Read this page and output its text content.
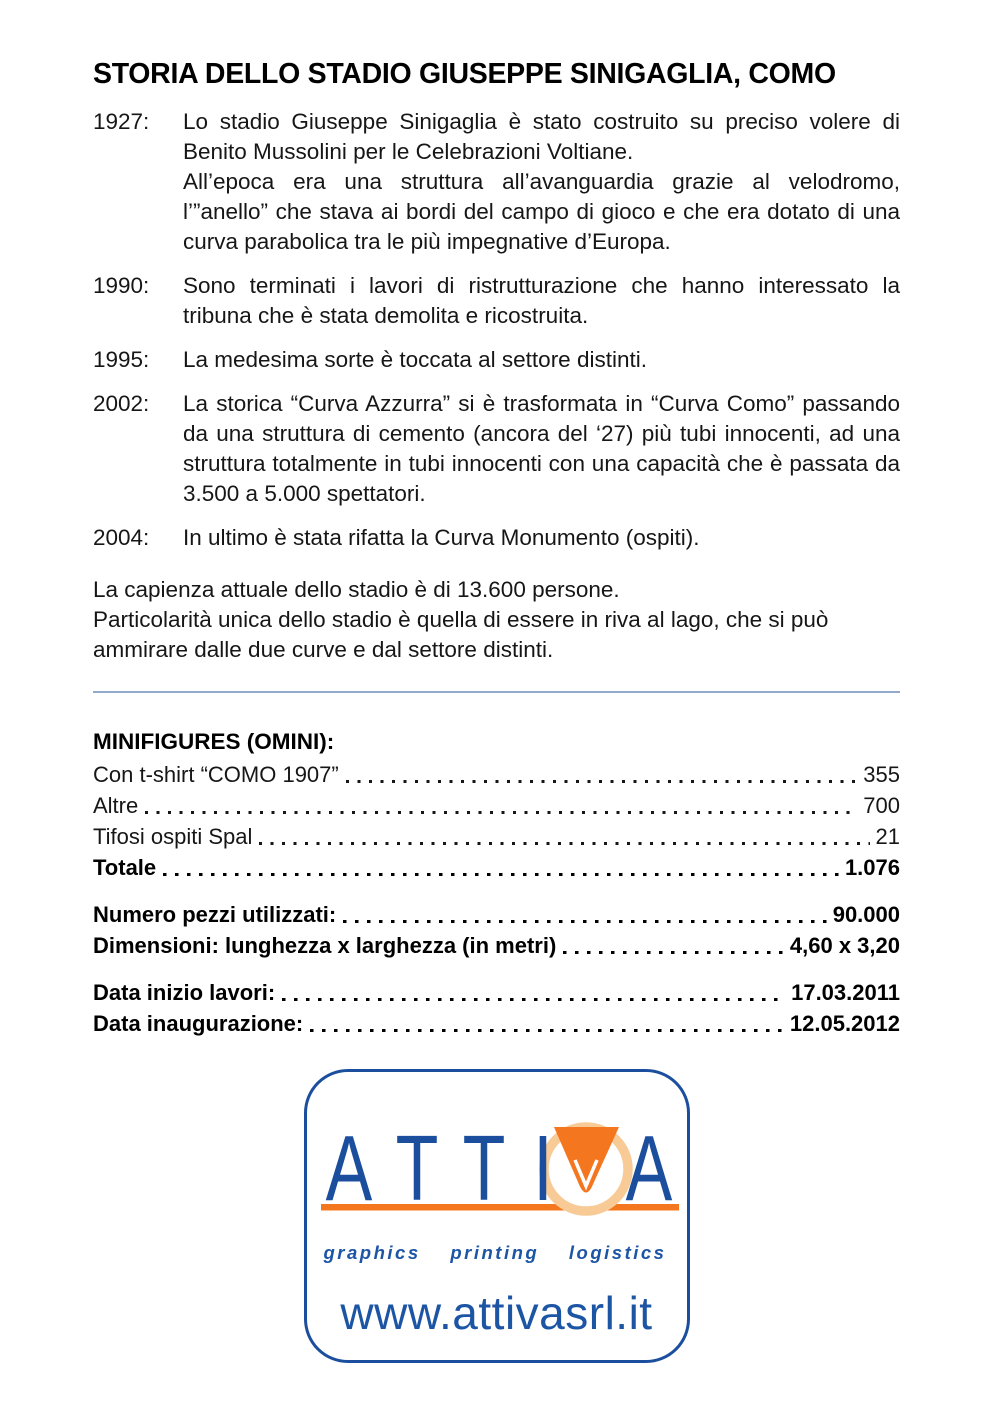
STORIA DELLO STADIO GIUSEPPE SINIGAGLIA, COMO
1927:	Lo stadio Giuseppe Sinigaglia è stato costruito su preciso volere di Benito Mussolini per le Celebrazioni Voltiane.

All’epoca era una struttura all’avanguardia grazie al velodromo, l’”anello” che stava ai bordi del campo di gioco e che era dotato di una curva parabolica tra le più impegnative d’Europa.

1990:	Sono terminati i lavori di ristrutturazione che hanno interessato la tribuna che è stata demolita e ricostruita.

1995:	La medesima sorte è toccata al settore distinti.

2002:	La storica “Curva Azzurra” si è trasformata in “Curva Como” passando da una struttura di cemento (ancora del ‘27) più tubi innocenti, ad una struttura totalmente in tubi innocenti con una capacità che è passata da 3.500 a 5.000 spettatori.

2004:	In ultimo è stata rifatta la Curva Monumento (ospiti).

La capienza attuale dello stadio è di 13.600 persone.

Particolarità unica dello stadio è quella di essere in riva al lago, che si può ammirare dalle due curve e dal settore distinti.

MINIFIGURES (OMINI):
Con t-shirt “COMO 1907”	355
Altre	700
Tifosi ospiti Spal	21
Totale	1.076
Numero pezzi utilizzati:	90.000
Dimensioni: lunghezza x larghezza (in metri)	4,60 x 3,20
Data inizio lavori:	17.03.2011
Data inaugurazione:	12.05.2012
A T T I A
graphics printing logistics
www.attivasrl.it
